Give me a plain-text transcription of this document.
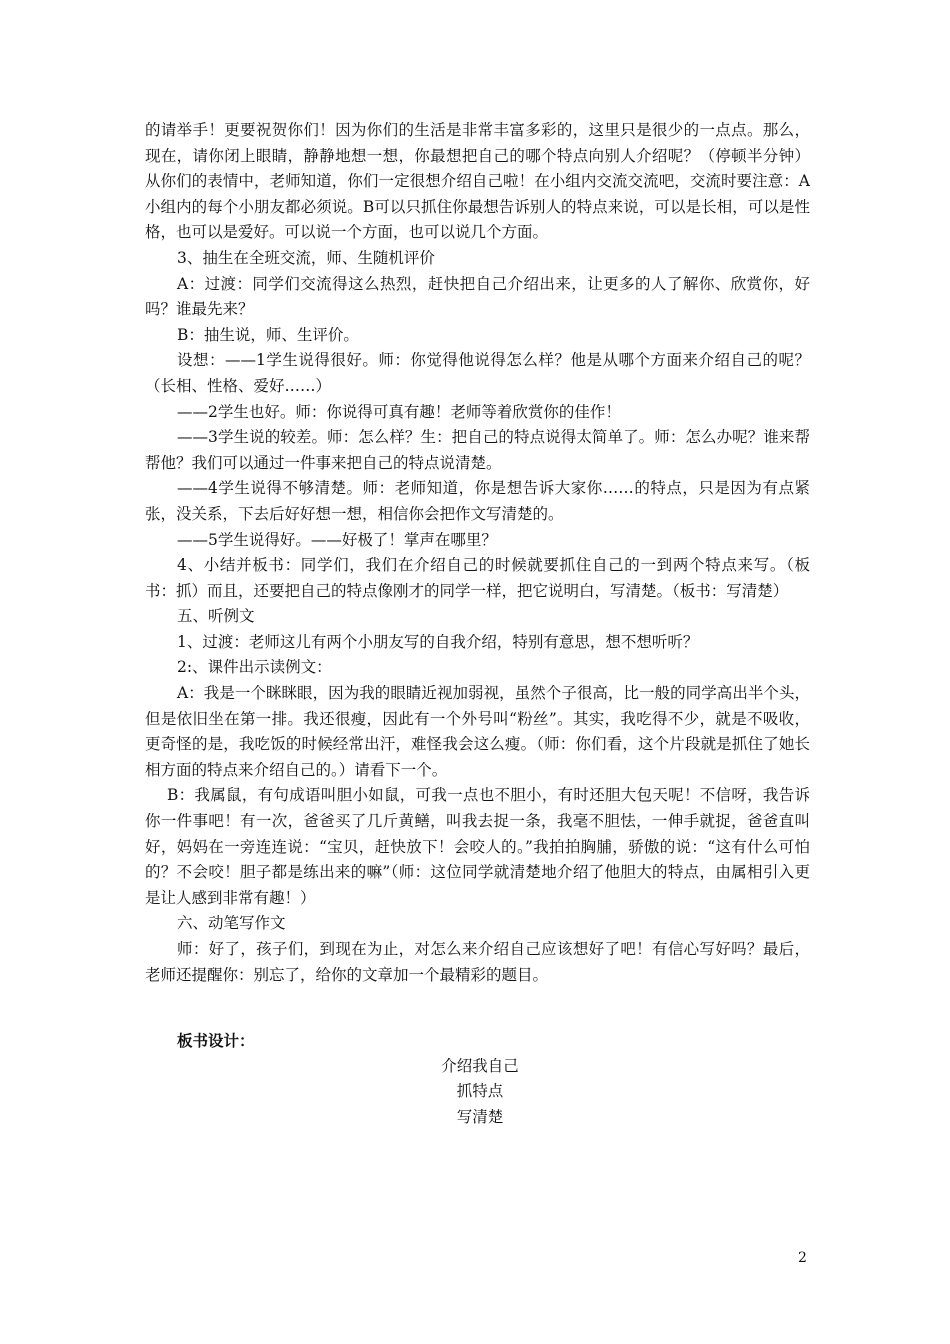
的请举手！更要祝贺你们！因为你们的生活是非常丰富多彩的，这里只是很少的一点点。那么，现在，请你闭上眼睛，静静地想一想，你最想把自己的哪个特点向别人介绍呢？（停顿半分钟）从你们的表情中，老师知道，你们一定很想介绍自己啦！在小组内交流交流吧，交流时要注意：A小组内的每个小朋友都必须说。B可以只抓住你最想告诉别人的特点来说，可以是长相，可以是性格，也可以是爱好。可以说一个方面，也可以说几个方面。

3、抽生在全班交流，师、生随机评价

A：过渡：同学们交流得这么热烈，赶快把自己介绍出来，让更多的人了解你、欣赏你，好吗？谁最先来？

B：抽生说，师、生评价。

设想：——1学生说得很好。师：你觉得他说得怎么样？他是从哪个方面来介绍自己的呢？（长相、性格、爱好……）

——2学生也好。师：你说得可真有趣！老师等着欣赏你的佳作！

——3学生说的较差。师：怎么样？生：把自己的特点说得太简单了。师：怎么办呢？谁来帮帮他？我们可以通过一件事来把自己的特点说清楚。

——4学生说得不够清楚。师：老师知道，你是想告诉大家你……的特点，只是因为有点紧张，没关系，下去后好好想一想，相信你会把作文写清楚的。

——5学生说得好。——好极了！掌声在哪里？

4、小结并板书：同学们，我们在介绍自己的时候就要抓住自己的一到两个特点来写。（板书：抓）而且，还要把自己的特点像刚才的同学一样，把它说明白，写清楚。（板书：写清楚）

五、听例文

1、过渡：老师这儿有两个小朋友写的自我介绍，特别有意思，想不想听听？

2:、课件出示读例文：

A：我是一个眯眯眼，因为我的眼睛近视加弱视，虽然个子很高，比一般的同学高出半个头，但是依旧坐在第一排。我还很瘦，因此有一个外号叫“粉丝”。其实，我吃得不少，就是不吸收，更奇怪的是，我吃饭的时候经常出汗，难怪我会这么瘦。（师：你们看，这个片段就是抓住了她长相方面的特点来介绍自己的。）请看下一个。

B：我属鼠，有句成语叫胆小如鼠，可我一点也不胆小，有时还胆大包天呢！不信呀，我告诉你一件事吧！有一次，爸爸买了几斤黄鳝，叫我去捉一条，我毫不胆怯，一伸手就捉，爸爸直叫好，妈妈在一旁连连说：“宝贝，赶快放下！会咬人的。”我拍拍胸脯，骄傲的说：“这有什么可怕的？不会咬！胆子都是练出来的嘛”（师：这位同学就清楚地介绍了他胆大的特点，由属相引入更是让人感到非常有趣！）

六、动笔写作文

师：好了，孩子们，到现在为止，对怎么来介绍自己应该想好了吧！有信心写好吗？最后，老师还提醒你：别忘了，给你的文章加一个最精彩的题目。

板书设计：

介绍我自己

抓特点

写清楚

2
